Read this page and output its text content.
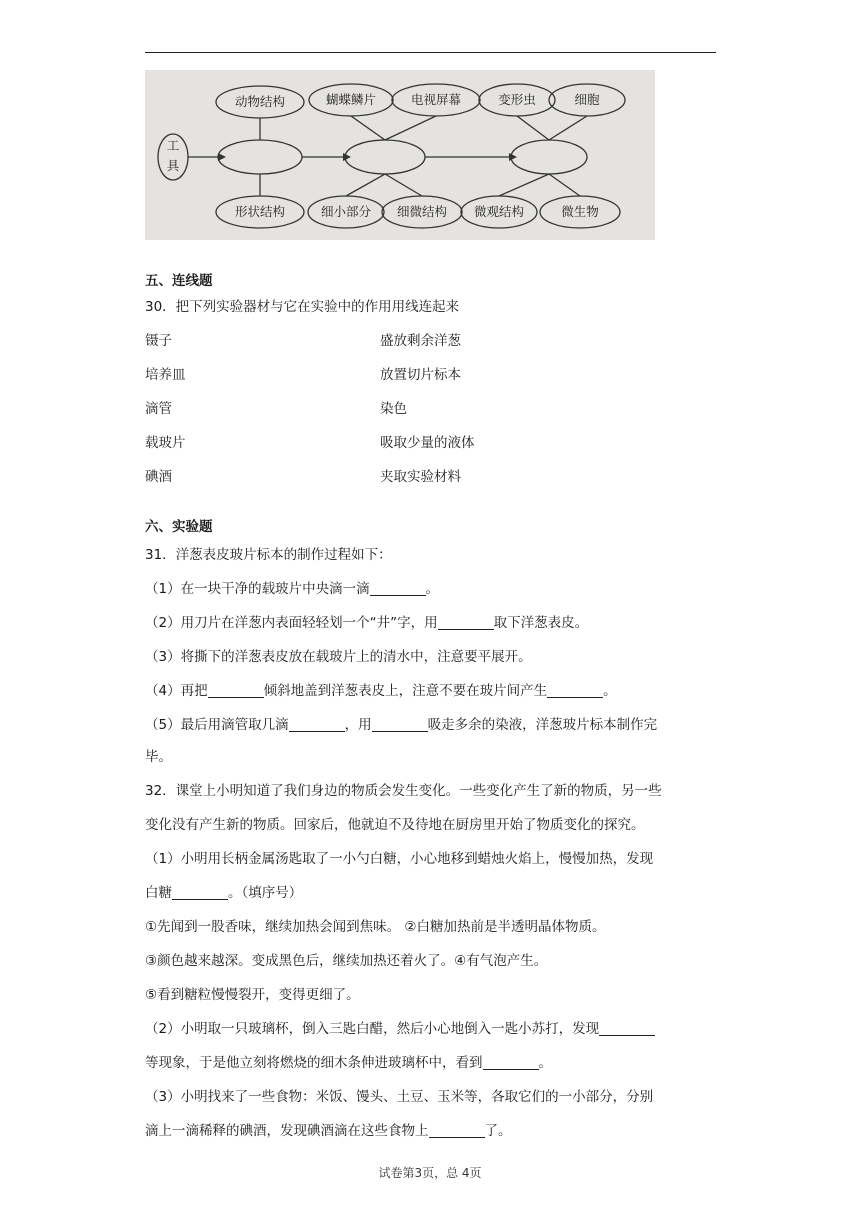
工
具
动物结构	蝴蝶鳞片	电视屏幕	变形虫	细胞
形状结构	细小部分 细微结构 微观结构	微生物
五、连线题
30．把下列实验器材与它在实验中的作用用线连起来
镊子
培养皿
滴管
载玻片
碘酒
盛放剩余洋葱
放置切片标本
染色
吸取少量的液体
夹取实验材料
六、实验题
31．洋葱表皮玻片标本的制作过程如下：
（1）在一块干净的载玻片中央滴一滴	。
（2）用刀片在洋葱内表面轻轻划一个“井”字，用	取下洋葱表皮。
（3）将撕下的洋葱表皮放在载玻片上的清水中，注意要平展开。
（4）再把	倾斜地盖到洋葱表皮上，注意不要在玻片间产生	。
（5）最后用滴管取几滴	，用	吸走多余的染液，洋葱玻片标本制作完
毕。
32．课堂上小明知道了我们身边的物质会发生变化。一些变化产生了新的物质，另一些
变化没有产生新的物质。回家后，他就迫不及待地在厨房里开始了物质变化的探究。
（1）小明用长柄金属汤匙取了一小勺白糖，小心地移到蜡烛火焰上，慢慢加热，发现
白糖	。（填序号）
①先闻到一股香味，继续加热会闻到焦味。 ②白糖加热前是半透明晶体物质。
③颜色越来越深。变成黑色后，继续加热还着火了。④有气泡产生。
⑤看到糖粒慢慢裂开，变得更细了。
（2）小明取一只玻璃杯，倒入三匙白醋，然后小心地倒入一匙小苏打，发现
等现象，于是他立刻将燃烧的细木条伸进玻璃杯中，看到	。
（3）小明找来了一些食物：米饭、馒头、土豆、玉米等，各取它们的一小部分，分别
滴上一滴稀释的碘酒，发现碘酒滴在这些食物上	了。
试卷第3页，总 4页
